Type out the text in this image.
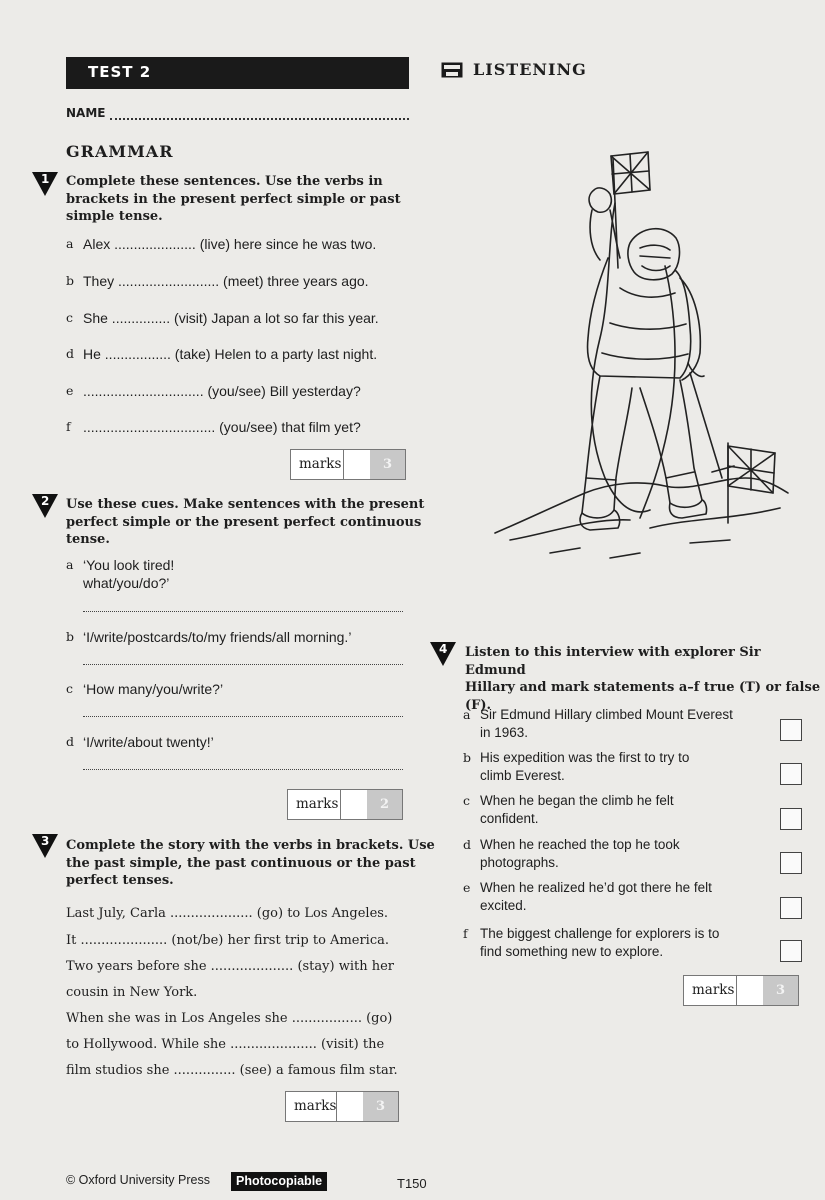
TEST 2
NAME
GRAMMAR
1 Complete these sentences. Use the verbs in
brackets in the present perfect simple or past
simple tense.
a Alex ..................... (live) here since he was two.
b They .......................... (meet) three years ago.
c She ............... (visit) Japan a lot so far this year.
d He ................. (take) Helen to a party last night.
e ............................... (you/see) Bill yesterday?
f .................................. (you/see) that film yet?
marks	3
2 Use these cues. Make sentences with the present
perfect simple or the present perfect continuous
tense.
a ‘You look tired!
what/you/do?’
b ‘I/write/postcards/to/my friends/all morning.’
c ‘How many/you/write?’
d ‘I/write/about twenty!’
marks	2
3 Complete the story with the verbs in brackets. Use
the past simple, the past continuous or the past
perfect tenses.
Last July, Carla .................... (go) to Los Angeles.
It ..................... (not/be) her first trip to America.
Two years before she .................... (stay) with her
cousin in New York.
When she was in Los Angeles she ................. (go)
to Hollywood. While she ..................... (visit) the
film studios she ............... (see) a famous film star.
marks	3
LISTENING
4 Listen to this interview with explorer Sir Edmund
Hillary and mark statements a–f true (T) or false
(F).
a Sir Edmund Hillary climbed Mount Everest
in 1963.
b His expedition was the first to try to
climb Everest.
c When he began the climb he felt
confident.
d When he reached the top he took
photographs.
e When he realized he’d got there he felt
excited.
f The biggest challenge for explorers is to
find something new to explore.
marks	3
© Oxford University Press	Photocopiable	T150
